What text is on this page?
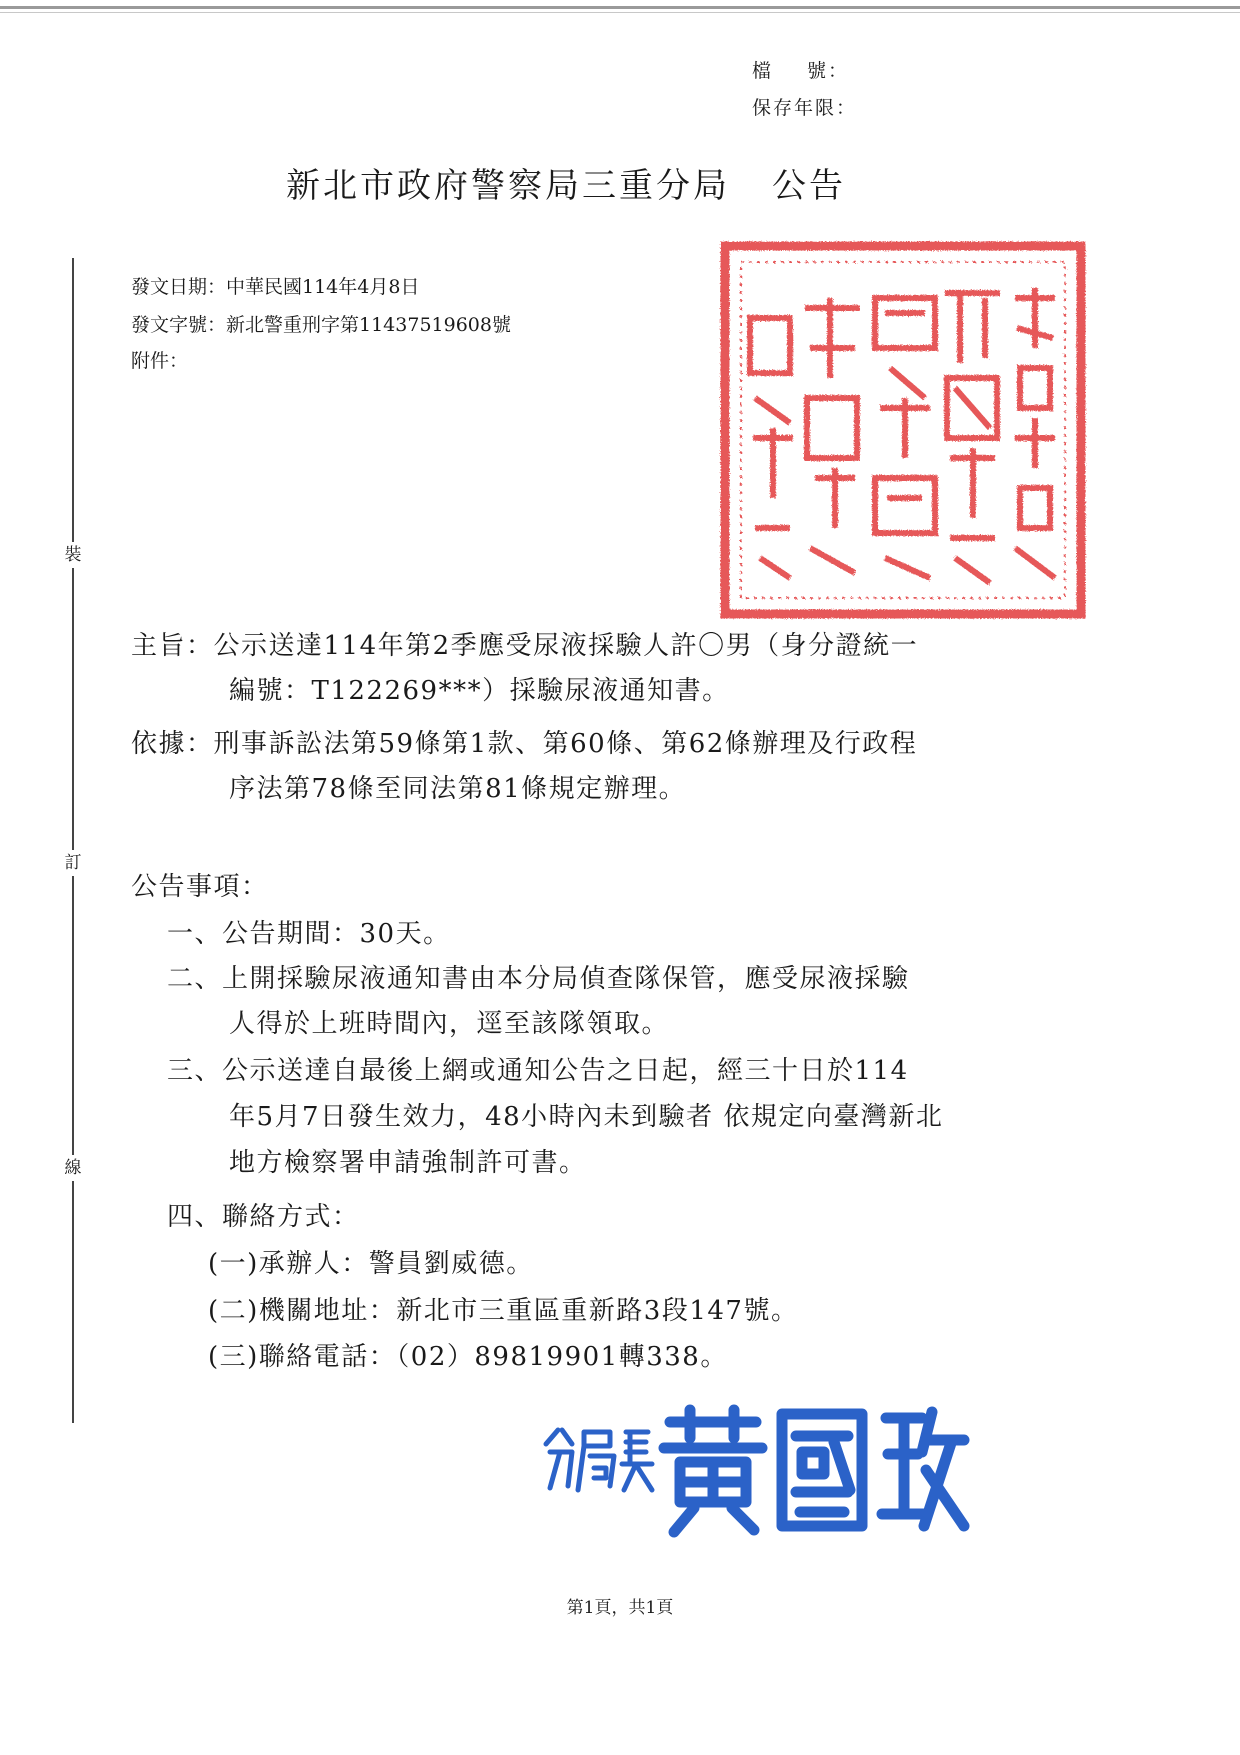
裝
訂
線
檔 號：
保存年限：
新北市政府警察局三重分局 公告
發文日期：中華民國114年4月8日
發文字號：新北警重刑字第11437519608號
附件：
主旨：公示送達114年第2季應受尿液採驗人許〇男（身分證統一
編號：T122269***）採驗尿液通知書。
依據：刑事訴訟法第59條第1款、第60條、第62條辦理及行政程
序法第78條至同法第81條規定辦理。
公告事項：
一、公告期間：30天。
二、上開採驗尿液通知書由本分局偵查隊保管，應受尿液採驗
人得於上班時間內，逕至該隊領取。
三、公示送達自最後上網或通知公告之日起，經三十日於114
年5月7日發生效力，48小時內未到驗者 依規定向臺灣新北
地方檢察署申請強制許可書。
四、聯絡方式：
(一)承辦人：警員劉威德。
(二)機關地址：新北市三重區重新路3段147號。
(三)聯絡電話：（02）89819901轉338。
第1頁，共1頁
